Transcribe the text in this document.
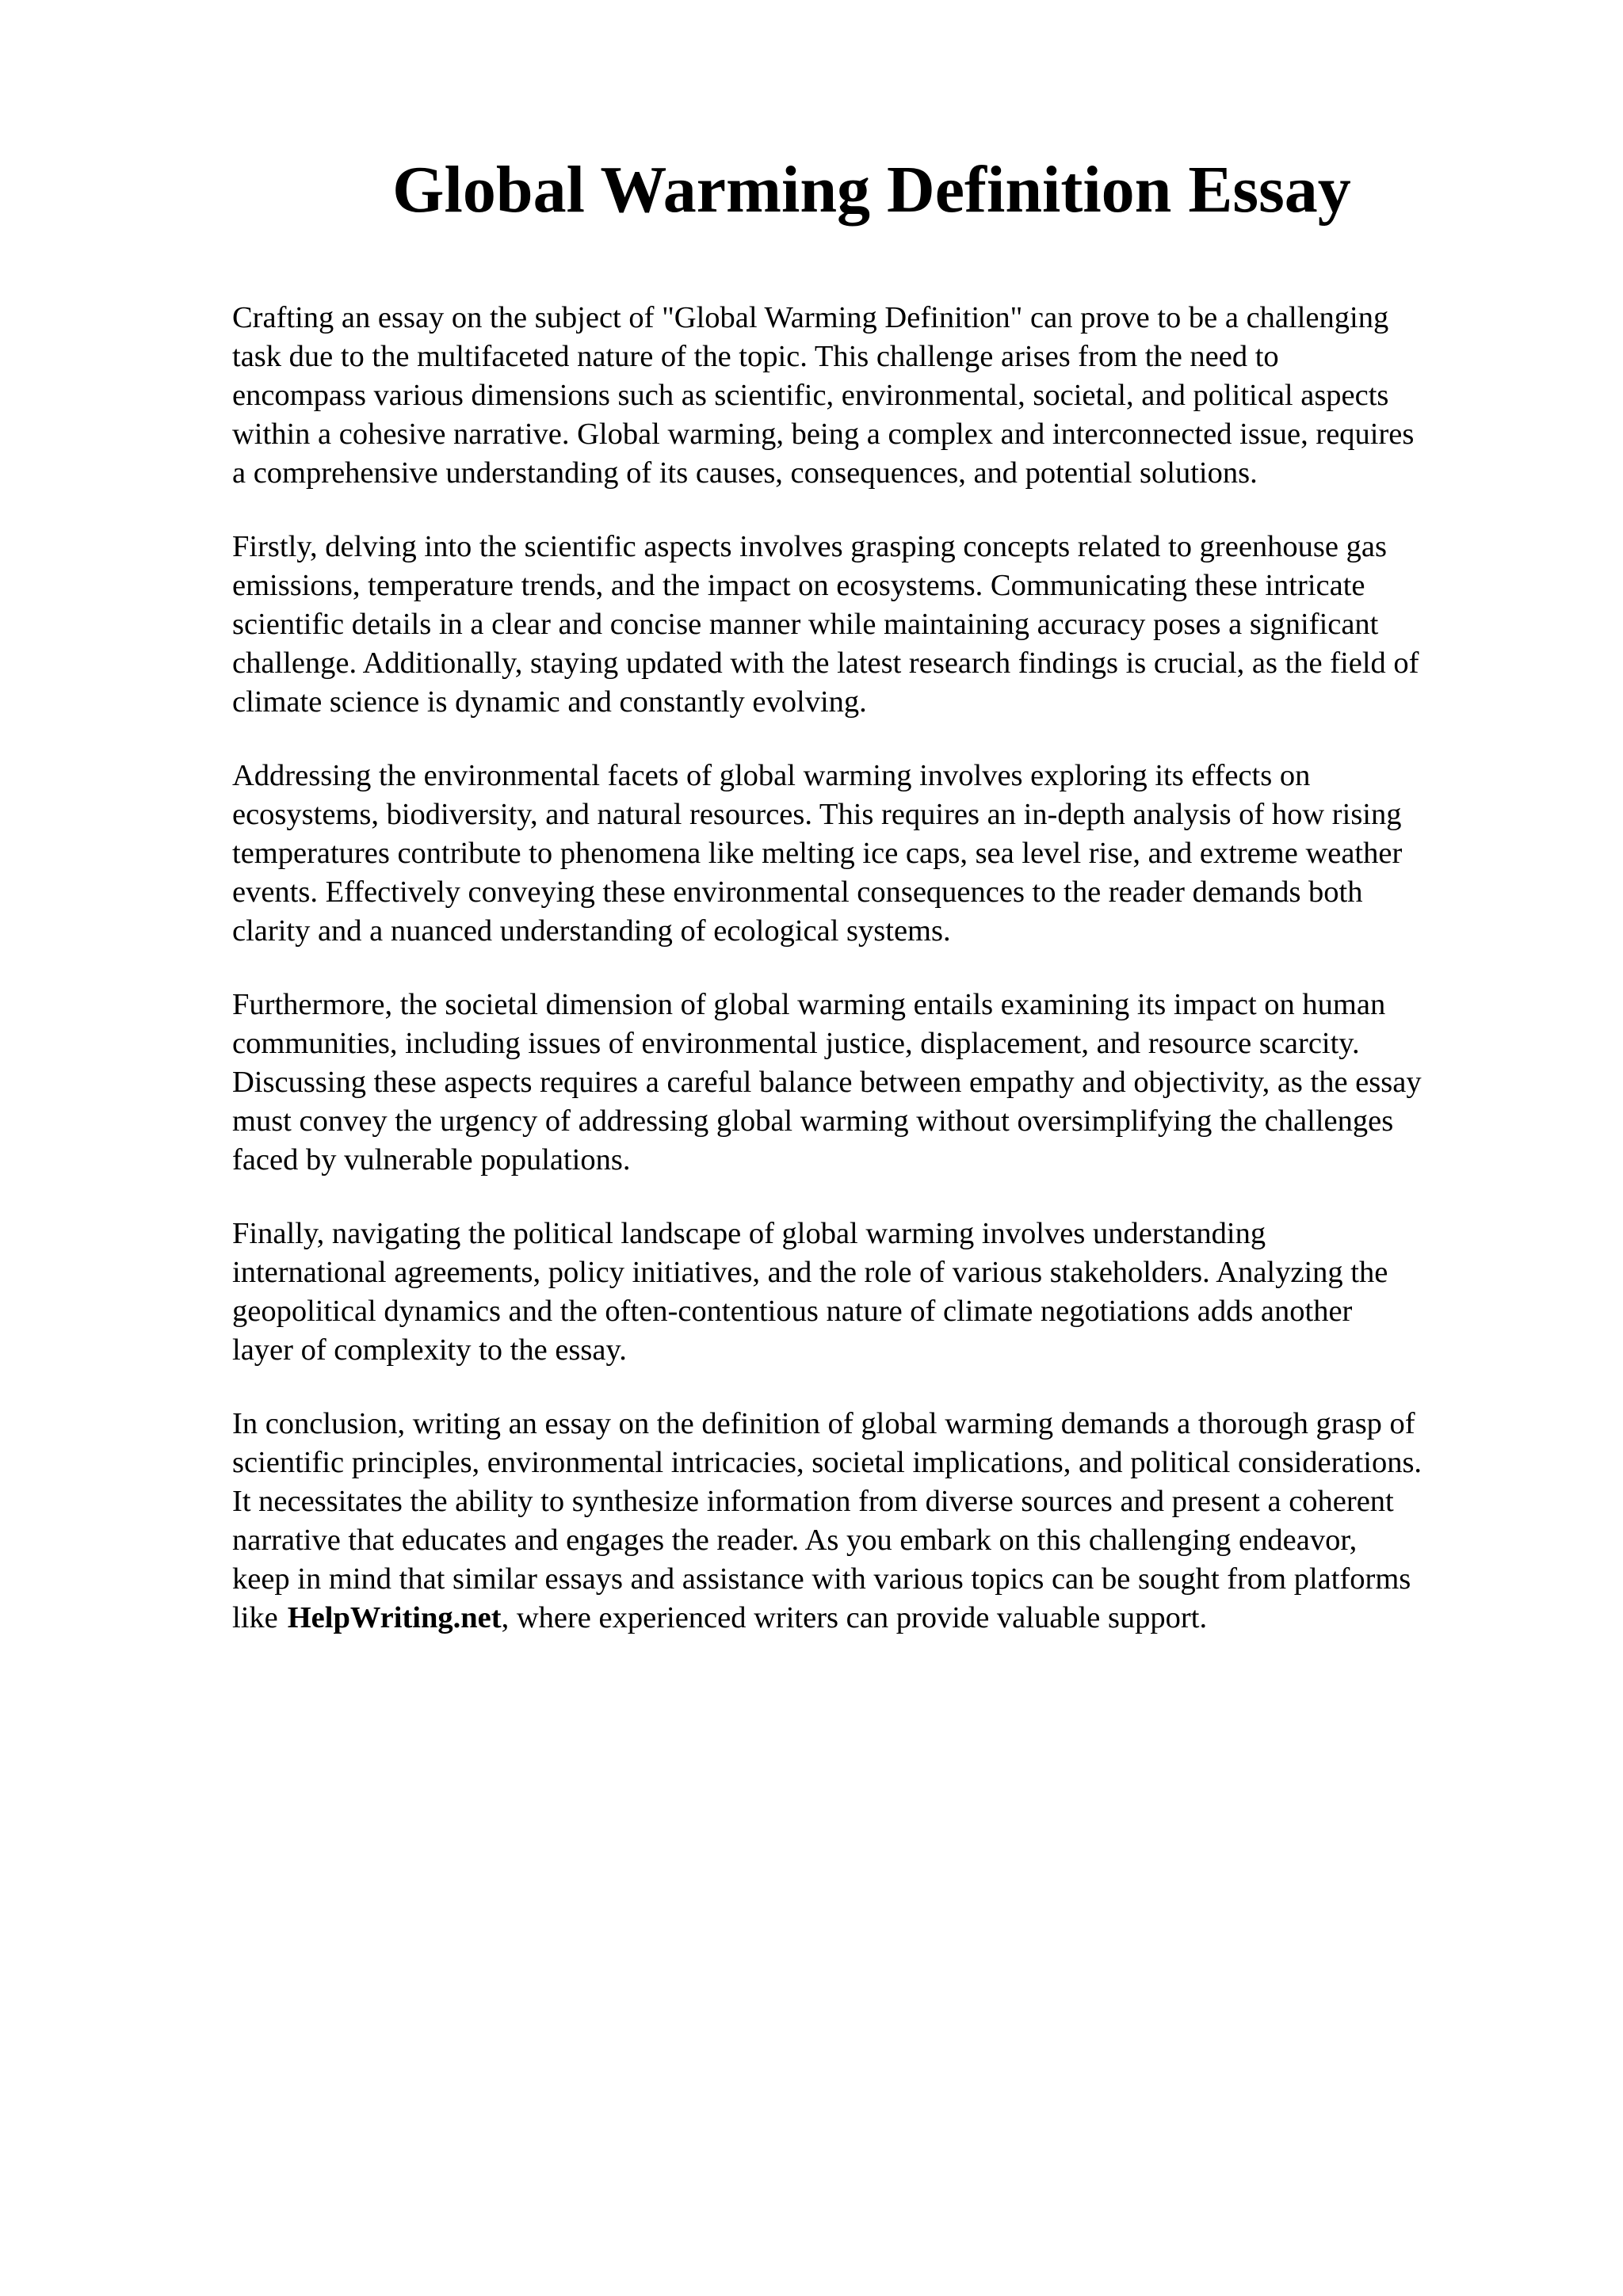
Global Warming Definition Essay

Crafting an essay on the subject of "Global Warming Definition" can prove to be a challenging
task due to the multifaceted nature of the topic. This challenge arises from the need to
encompass various dimensions such as scientific, environmental, societal, and political aspects
within a cohesive narrative. Global warming, being a complex and interconnected issue, requires
a comprehensive understanding of its causes, consequences, and potential solutions.

Firstly, delving into the scientific aspects involves grasping concepts related to greenhouse gas
emissions, temperature trends, and the impact on ecosystems. Communicating these intricate
scientific details in a clear and concise manner while maintaining accuracy poses a significant
challenge. Additionally, staying updated with the latest research findings is crucial, as the field of
climate science is dynamic and constantly evolving.

Addressing the environmental facets of global warming involves exploring its effects on
ecosystems, biodiversity, and natural resources. This requires an in-depth analysis of how rising
temperatures contribute to phenomena like melting ice caps, sea level rise, and extreme weather
events. Effectively conveying these environmental consequences to the reader demands both
clarity and a nuanced understanding of ecological systems.

Furthermore, the societal dimension of global warming entails examining its impact on human
communities, including issues of environmental justice, displacement, and resource scarcity.
Discussing these aspects requires a careful balance between empathy and objectivity, as the essay
must convey the urgency of addressing global warming without oversimplifying the challenges
faced by vulnerable populations.

Finally, navigating the political landscape of global warming involves understanding
international agreements, policy initiatives, and the role of various stakeholders. Analyzing the
geopolitical dynamics and the often-contentious nature of climate negotiations adds another
layer of complexity to the essay.

In conclusion, writing an essay on the definition of global warming demands a thorough grasp of
scientific principles, environmental intricacies, societal implications, and political considerations.
It necessitates the ability to synthesize information from diverse sources and present a coherent
narrative that educates and engages the reader. As you embark on this challenging endeavor,
keep in mind that similar essays and assistance with various topics can be sought from platforms
like HelpWriting.net, where experienced writers can provide valuable support.
